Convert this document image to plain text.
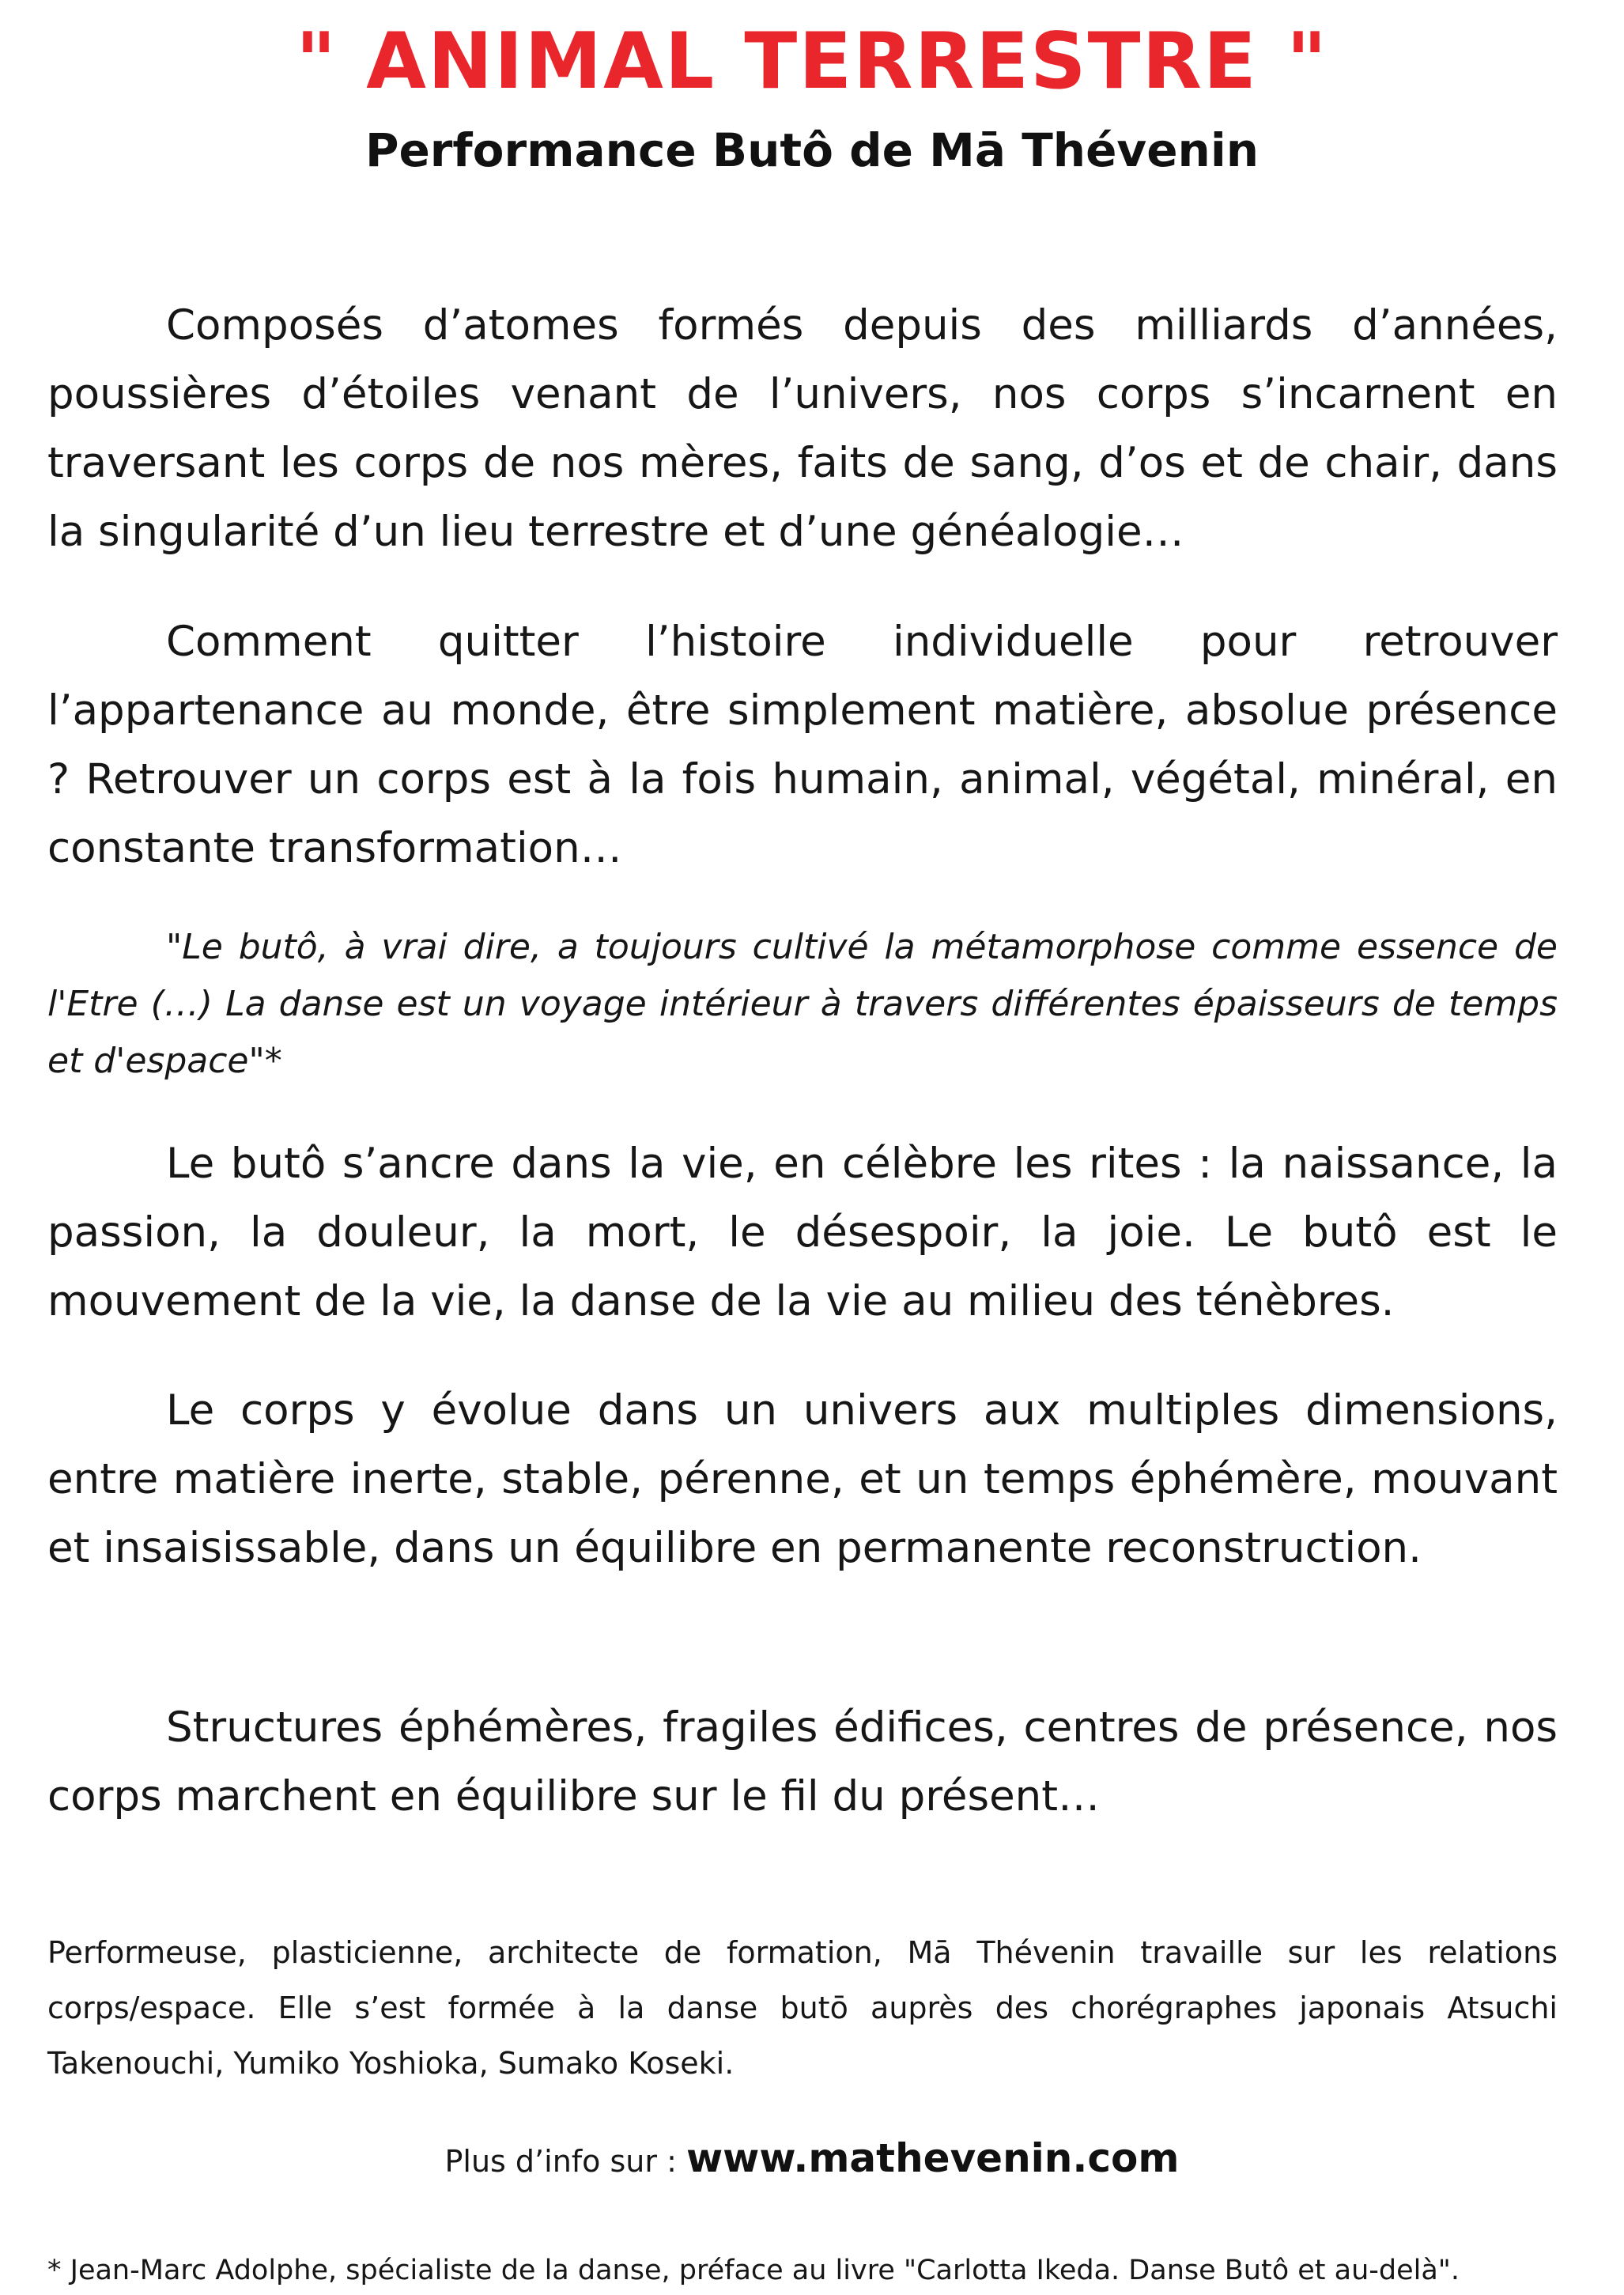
" ANIMAL TERRESTRE "
Performance Butô de Mā Thévenin

Composés d’atomes formés depuis des milliards d’années, poussières d’étoiles venant de l’univers, nos corps s’incarnent en traversant les corps de nos mères, faits de sang, d’os et de chair, dans la singularité d’un lieu terrestre et d’une généalogie…

Comment quitter l’histoire individuelle pour retrouver l’appartenance au monde, être simplement matière, absolue présence ? Retrouver un corps est à la fois humain, animal, végétal, minéral, en constante transformation…

"Le butô, à vrai dire, a toujours cultivé la métamorphose comme essence de l'Etre (…) La danse est un voyage intérieur à travers différentes épaisseurs de temps et d'espace"*

Le butô s’ancre dans la vie, en célèbre les rites : la naissance, la passion, la douleur, la mort, le désespoir, la joie. Le butô est le mouvement de la vie, la danse de la vie au milieu des ténèbres.

Le corps y évolue dans un univers aux multiples dimensions, entre matière inerte, stable, pérenne, et un temps éphémère, mouvant et insaisissable, dans un équilibre en permanente reconstruction.

Structures éphémères, fragiles édifices, centres de présence, nos corps marchent en équilibre sur le fil du présent…

Performeuse, plasticienne, architecte de formation, Mā Thévenin travaille sur les relations corps/espace. Elle s’est formée à la danse butō auprès des chorégraphes japonais Atsuchi Takenouchi, Yumiko Yoshioka, Sumako Koseki.

Plus d’info sur : www.mathevenin.com
* Jean-Marc Adolphe, spécialiste de la danse, préface au livre "Carlotta Ikeda. Danse Butô et au-delà".
